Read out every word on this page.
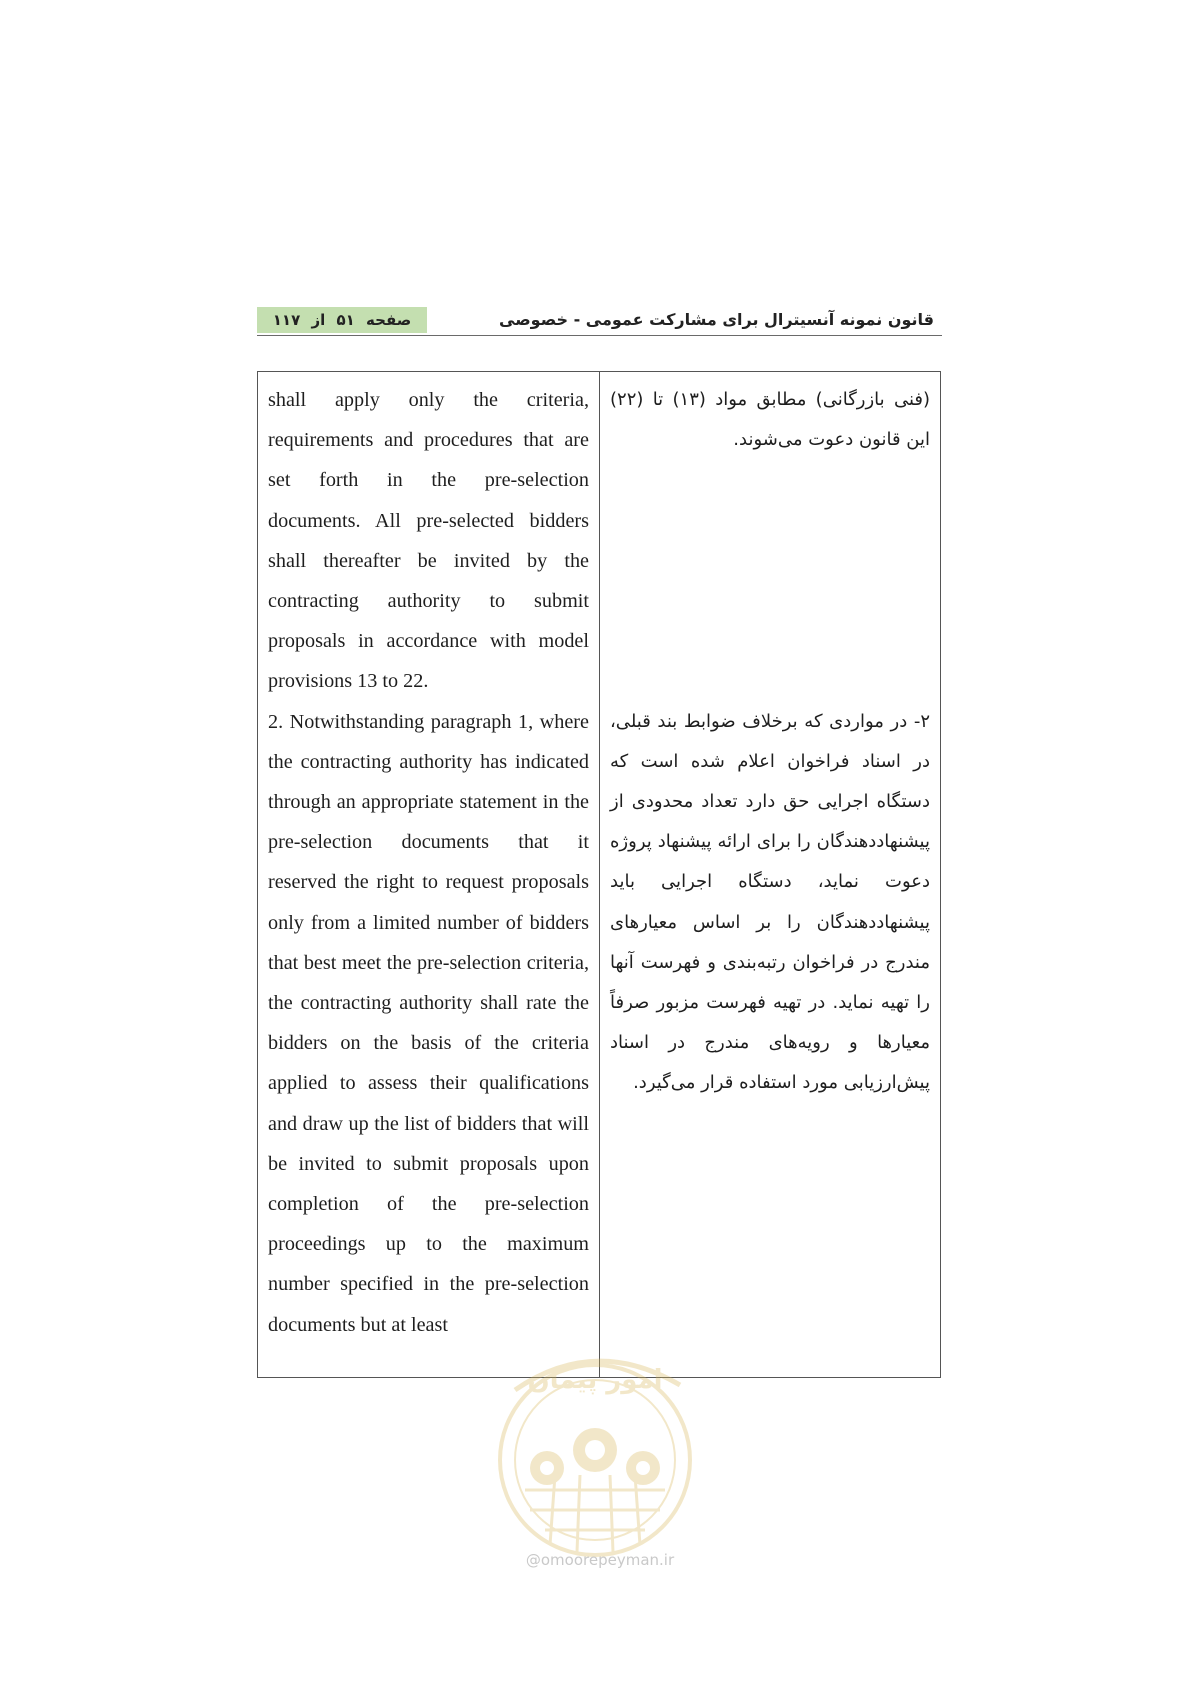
صفحه ۵۱ از ۱۱۷	قانون نمونه آنسیترال برای مشارکت عمومی - خصوصی

shall apply only the criteria, requirements and procedures that are set forth in the pre-selection documents. All pre-selected bidders shall thereafter be invited by the contracting authority to submit proposals in accordance with model provisions 13 to 22.

2. Notwithstanding paragraph 1, where the contracting authority has indicated through an appropriate statement in the pre-selection documents that it reserved the right to request proposals only from a limited number of bidders that best meet the pre-selection criteria, the contracting authority shall rate the bidders on the basis of the criteria applied to assess their qualifications and draw up the list of bidders that will be invited to submit proposals upon completion of the pre-selection proceedings up to the maximum number specified in the pre-selection documents but at least

(فنی بازرگانی) مطابق مواد (۱۳) تا (۲۲) این قانون دعوت می‌شوند.

۲- در مواردی که برخلاف ضوابط بند قبلی، در اسناد فراخوان اعلام شده است که دستگاه اجرایی حق دارد تعداد محدودی از پیشنهاددهندگان را برای ارائه پیشنهاد پروژه دعوت نماید، دستگاه اجرایی باید پیشنهاددهندگان را بر اساس معیارهای مندرج در فراخوان رتبه‌بندی و فهرست آنها را تهیه نماید. در تهیه فهرست مزبور صرفاً معیارها و رویه‌های مندرج در اسناد پیش‌ارزیابی مورد استفاده قرار می‌گیرد.

امور پیمان
@omoorepeyman.ir
